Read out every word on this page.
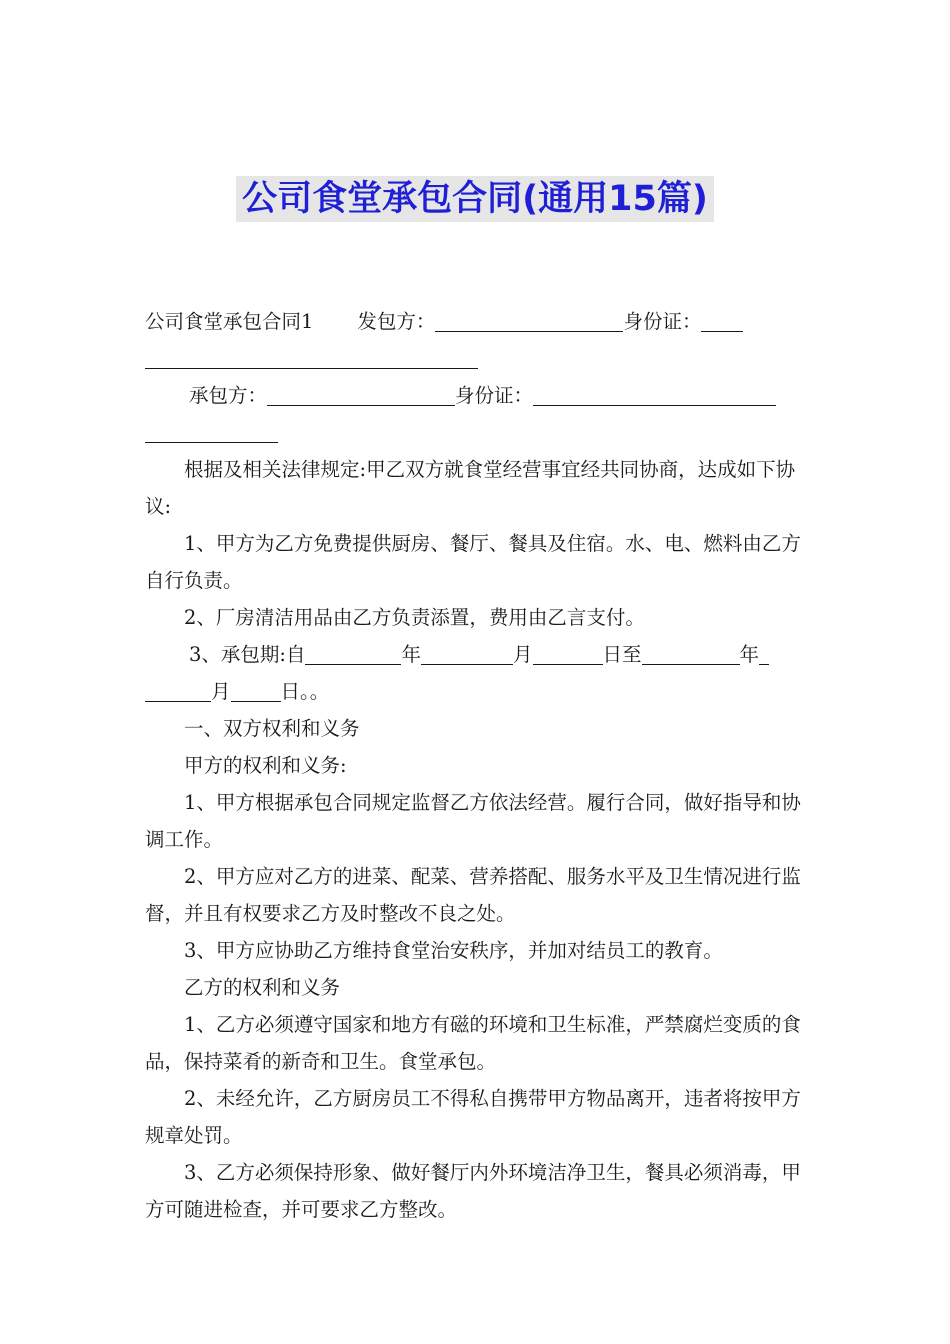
公司食堂承包合同(通用15篇)
公司食堂承包合同1 发包方：	身份证：
承包方：	身份证：

根据及相关法律规定:甲乙双方就食堂经营事宜经共同协商，达成如下协议:

1、甲方为乙方免费提供厨房、餐厅、餐具及住宿。水、电、燃料由乙方自行负责。

2、厂房清洁用品由乙方负责添置，费用由乙言支付。

3、承包期:自	年	月	日至	年
月	日。。

一、双方权利和义务

甲方的权利和义务:

1、甲方根据承包合同规定监督乙方依法经营。履行合同，做好指导和协调工作。

2、甲方应对乙方的进菜、配菜、营养搭配、服务水平及卫生情况进行监督，并且有权要求乙方及时整改不良之处。

3、甲方应协助乙方维持食堂治安秩序，并加对结员工的教育。

乙方的权利和义务

1、乙方必须遵守国家和地方有磁的环境和卫生标准，严禁腐烂变质的食品，保持菜肴的新奇和卫生。食堂承包。

2、未经允许，乙方厨房员工不得私自携带甲方物品离开，违者将按甲方规章处罚。

3、乙方必须保持形象、做好餐厅内外环境洁净卫生，餐具必须消毒，甲方可随进检查，并可要求乙方整改。
